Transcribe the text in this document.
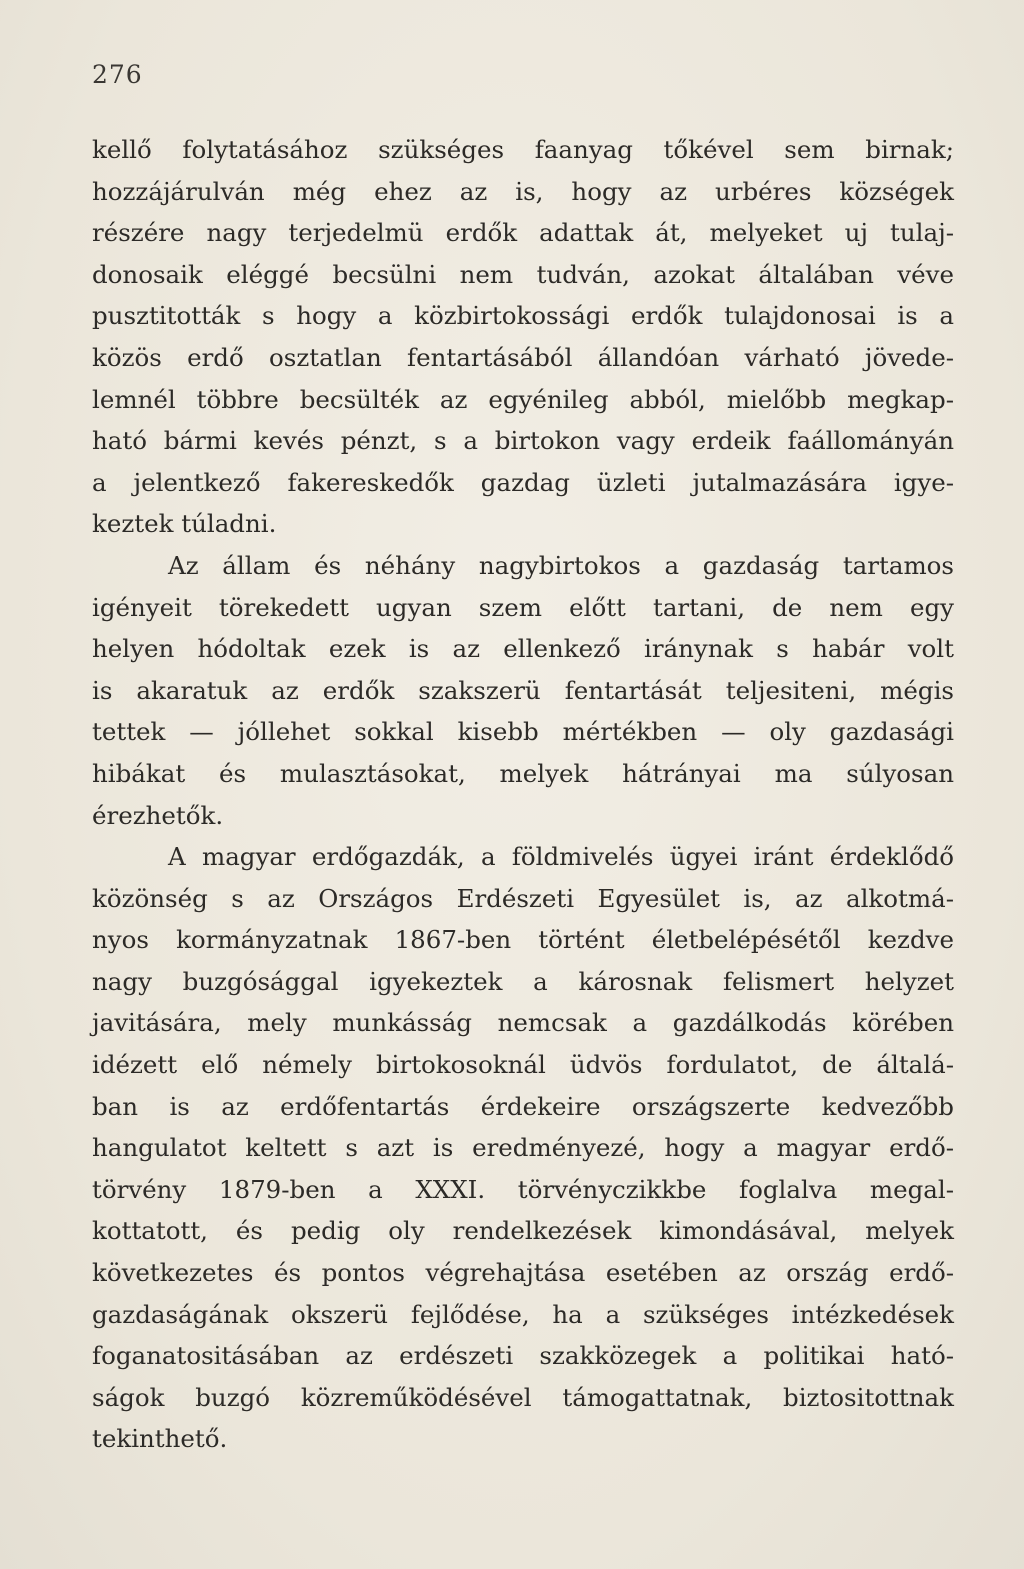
276
kellő folytatásához szükséges faanyag tőkével sem birnak;
hozzájárulván még ehez az is, hogy az urbéres községek
részére nagy terjedelmü erdők adattak át, melyeket uj tulaj-
donosaik eléggé becsülni nem tudván, azokat általában véve
pusztitották s hogy a közbirtokossági erdők tulajdonosai is a
közös erdő osztatlan fentartásából állandóan várható jövede-
lemnél többre becsülték az egyénileg abból, mielőbb megkap-
ható bármi kevés pénzt, s a birtokon vagy erdeik faállományán
a jelentkező fakereskedők gazdag üzleti jutalmazására igye-
keztek túladni.
Az állam és néhány nagybirtokos a gazdaság tartamos
igényeit törekedett ugyan szem előtt tartani, de nem egy
helyen hódoltak ezek is az ellenkező iránynak s habár volt
is akaratuk az erdők szakszerü fentartását teljesiteni, mégis
tettek — jóllehet sokkal kisebb mértékben — oly gazdasági
hibákat és mulasztásokat, melyek hátrányai ma súlyosan
érezhetők.
A magyar erdőgazdák, a földmivelés ügyei iránt érdeklődő
közönség s az Országos Erdészeti Egyesület is, az alkotmá-
nyos kormányzatnak 1867-ben történt életbelépésétől kezdve
nagy buzgósággal igyekeztek a károsnak felismert helyzet
javitására, mely munkásság nemcsak a gazdálkodás körében
idézett elő némely birtokosoknál üdvös fordulatot, de általá-
ban is az erdőfentartás érdekeire országszerte kedvezőbb
hangulatot keltett s azt is eredményezé, hogy a magyar erdő-
törvény 1879-ben a XXXI. törvényczikkbe foglalva megal-
kottatott, és pedig oly rendelkezések kimondásával, melyek
következetes és pontos végrehajtása esetében az ország erdő-
gazdaságának okszerü fejlődése, ha a szükséges intézkedések
foganatositásában az erdészeti szakközegek a politikai ható-
ságok buzgó közreműködésével támogattatnak, biztositottnak
tekinthető.
